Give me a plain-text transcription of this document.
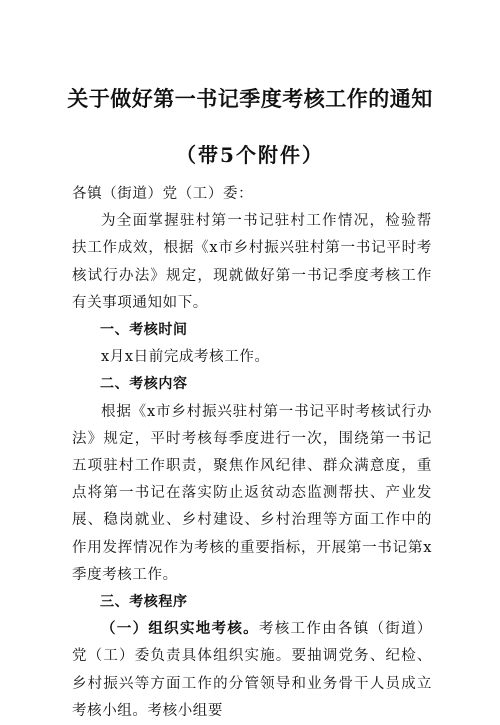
关于做好第一书记季度考核工作的通知
（带5个附件）

各镇（街道）党（工）委：

为全面掌握驻村第一书记驻村工作情况，检验帮扶工作成效，根据《x市乡村振兴驻村第一书记平时考核试行办法》规定，现就做好第一书记季度考核工作有关事项通知如下。

一、考核时间

x月x日前完成考核工作。

二、考核内容

根据《x市乡村振兴驻村第一书记平时考核试行办法》规定，平时考核每季度进行一次，围绕第一书记五项驻村工作职责，聚焦作风纪律、群众满意度，重点将第一书记在落实防止返贫动态监测帮扶、产业发展、稳岗就业、乡村建设、乡村治理等方面工作中的作用发挥情况作为考核的重要指标，开展第一书记第x季度考核工作。

三、考核程序

（一）组织实地考核。考核工作由各镇（街道）党（工）委负责具体组织实施。要抽调党务、纪检、乡村振兴等方面工作的分管领导和业务骨干人员成立考核小组。考核小组要
